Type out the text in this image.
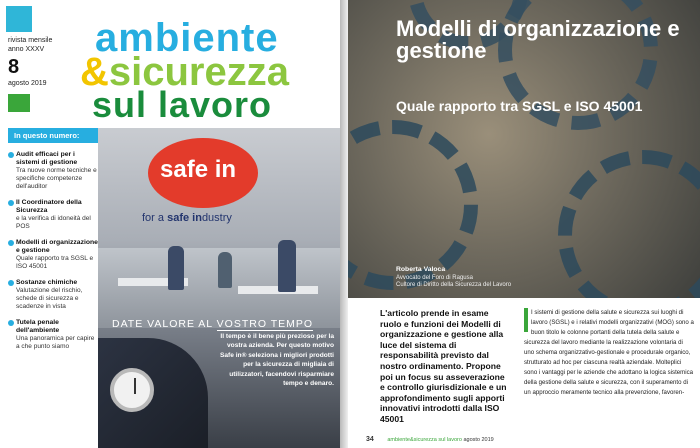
rivista mensile
anno XXXV
8
agosto 2019
ambiente
&sicurezza
sul lavoro
In questo numero:
Audit efficaci per i sistemi di gestione
Tra nuove norme tecniche e specifiche competenze dell'auditor
Il Coordinatore della Sicurezza
e la verifica di idoneità del POS
Modelli di organizzazione e gestione
Quale rapporto tra SGSL e ISO 45001
Sostanze chimiche
Valutazione del rischio, schede di sicurezza e scadenze in vista
Tutela penale dell'ambiente
Una panoramica per capire a che punto siamo
safe in
for a safe industry
DATE VALORE AL VOSTRO TEMPO
Il tempo è il bene più prezioso per la vostra azienda. Per questo motivo Safe in® seleziona i migliori prodotti per la sicurezza di migliaia di utilizzatori, facendovi risparmiare tempo e denaro.
Modelli di organizzazione e gestione
Quale rapporto tra SGSL e ISO 45001
Roberta Valoca
Avvocato del Foro di Ragusa
Cultore di Diritto della Sicurezza del Lavoro
L'articolo prende in esame ruolo e funzioni dei Modelli di organizzazione e gestione alla luce del sistema di responsabilità previsto dal nostro ordinamento. Propone poi un focus su asseverazione e controllo giurisdizionale e un approfondimento sugli apporti innovativi introdotti dalla ISO 45001
I sistemi di gestione della salute e sicurezza sui luoghi di lavoro (SGSL) e i relativi modelli organizzativi (MOG) sono a buon titolo le colonne portanti della tutela della salute e sicurezza del lavoro mediante la realizzazione volontaria di uno schema organizzativo-gestionale e procedurale organico, strutturato ad hoc per ciascuna realtà aziendale. Molteplici sono i vantaggi per le aziende che adottano la logica sistemica della gestione della salute e sicurezza, con il superamento di un approccio meramente tecnico alla prevenzione, favoren-
34 ambiente&sicurezza sul lavoro agosto 2019
